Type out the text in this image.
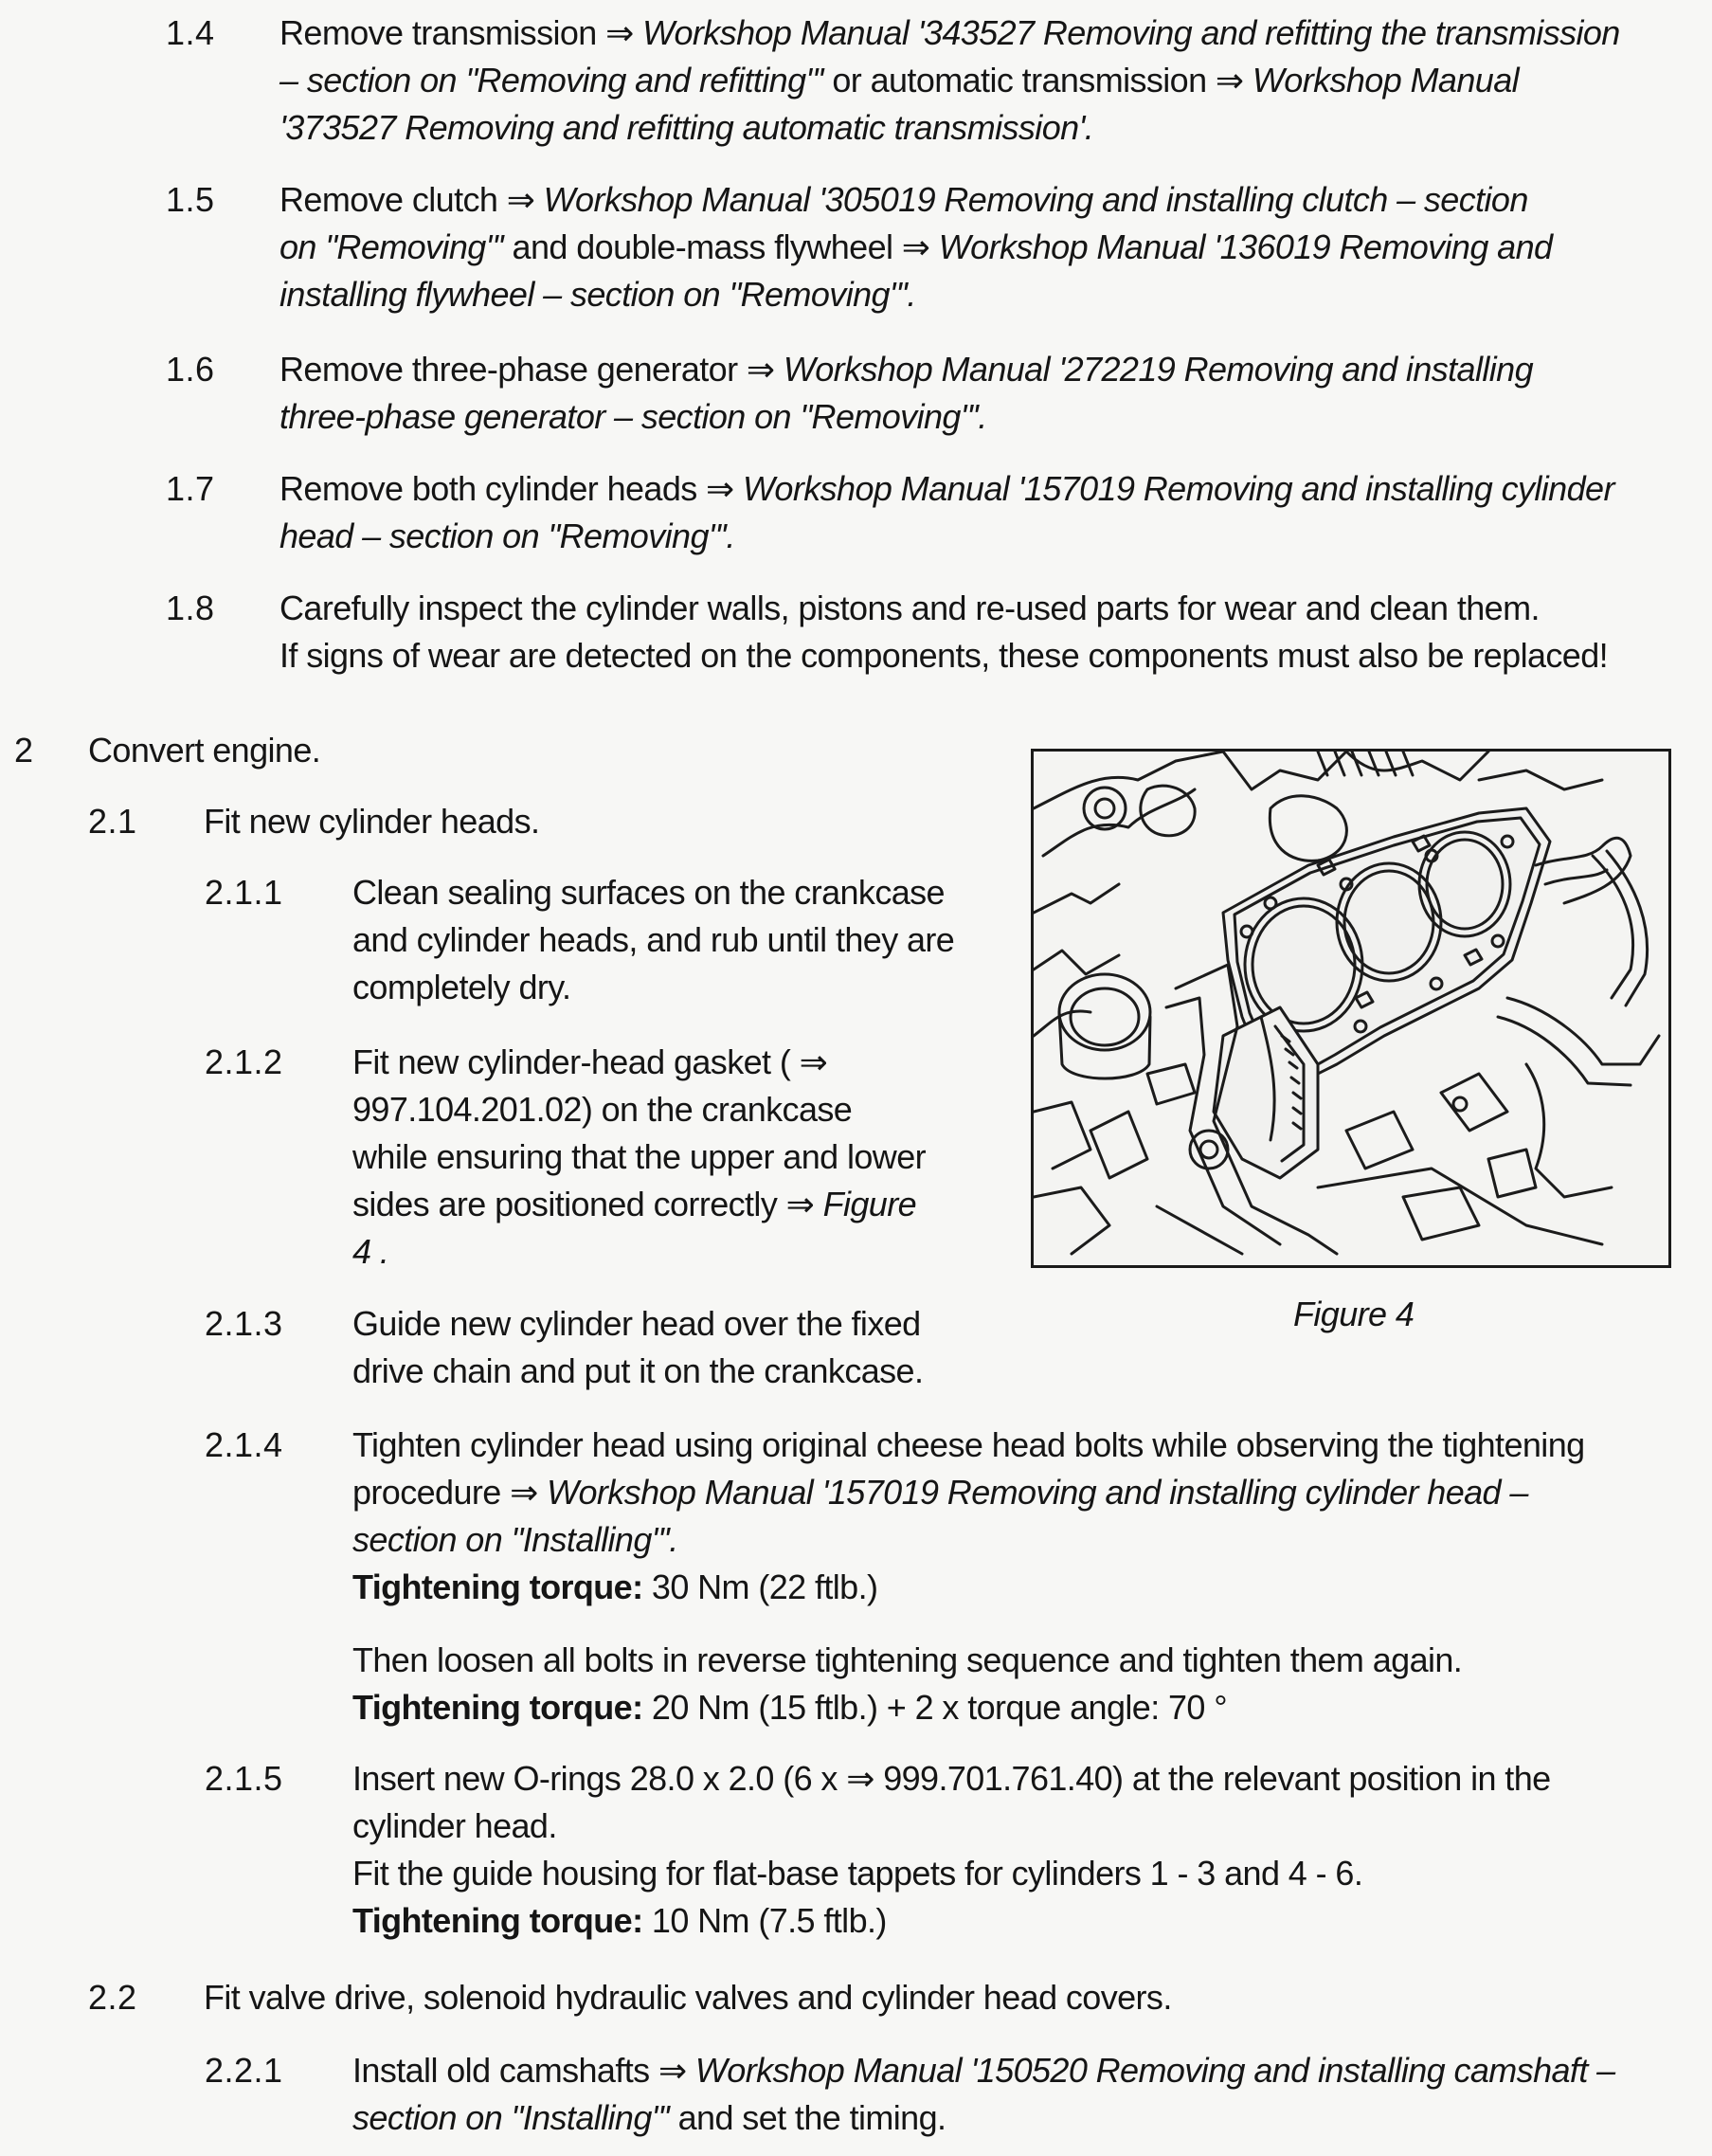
1.4 Remove transmission ⇒ Workshop Manual '343527 Removing and refitting the transmission
– section on "Removing and refitting"' or automatic transmission ⇒ Workshop Manual
'373527 Removing and refitting automatic transmission'.
1.5 Remove clutch ⇒ Workshop Manual '305019 Removing and installing clutch – section
on "Removing"' and double-mass flywheel ⇒ Workshop Manual '136019 Removing and
installing flywheel – section on "Removing"'.
1.6 Remove three-phase generator ⇒ Workshop Manual '272219 Removing and installing
three-phase generator – section on "Removing"'.
1.7 Remove both cylinder heads ⇒ Workshop Manual '157019 Removing and installing cylinder
head – section on "Removing"'.
1.8 Carefully inspect the cylinder walls, pistons and re-used parts for wear and clean them.
If signs of wear are detected on the components, these components must also be replaced!
2 Convert engine.
2.1 Fit new cylinder heads.
2.1.1 Clean sealing surfaces on the crankcase
and cylinder heads, and rub until they are
completely dry.
2.1.2 Fit new cylinder-head gasket ( ⇒
997.104.201.02) on the crankcase
while ensuring that the upper and lower
sides are positioned correctly ⇒ Figure
4 .
2.1.3 Guide new cylinder head over the fixed
drive chain and put it on the crankcase.
2.1.4 Tighten cylinder head using original cheese head bolts while observing the tightening
procedure ⇒ Workshop Manual '157019 Removing and installing cylinder head –
section on "Installing"'.
Tightening torque: 30 Nm (22 ftlb.)
Then loosen all bolts in reverse tightening sequence and tighten them again.
Tightening torque: 20 Nm (15 ftlb.) + 2 x torque angle: 70 °
2.1.5 Insert new O-rings 28.0 x 2.0 (6 x ⇒ 999.701.761.40) at the relevant position in the
cylinder head.
Fit the guide housing for flat-base tappets for cylinders 1 - 3 and 4 - 6.
Tightening torque: 10 Nm (7.5 ftlb.)
2.2 Fit valve drive, solenoid hydraulic valves and cylinder head covers.
2.2.1 Install old camshafts ⇒ Workshop Manual '150520 Removing and installing camshaft –
section on "Installing"' and set the timing.
Figure 4
